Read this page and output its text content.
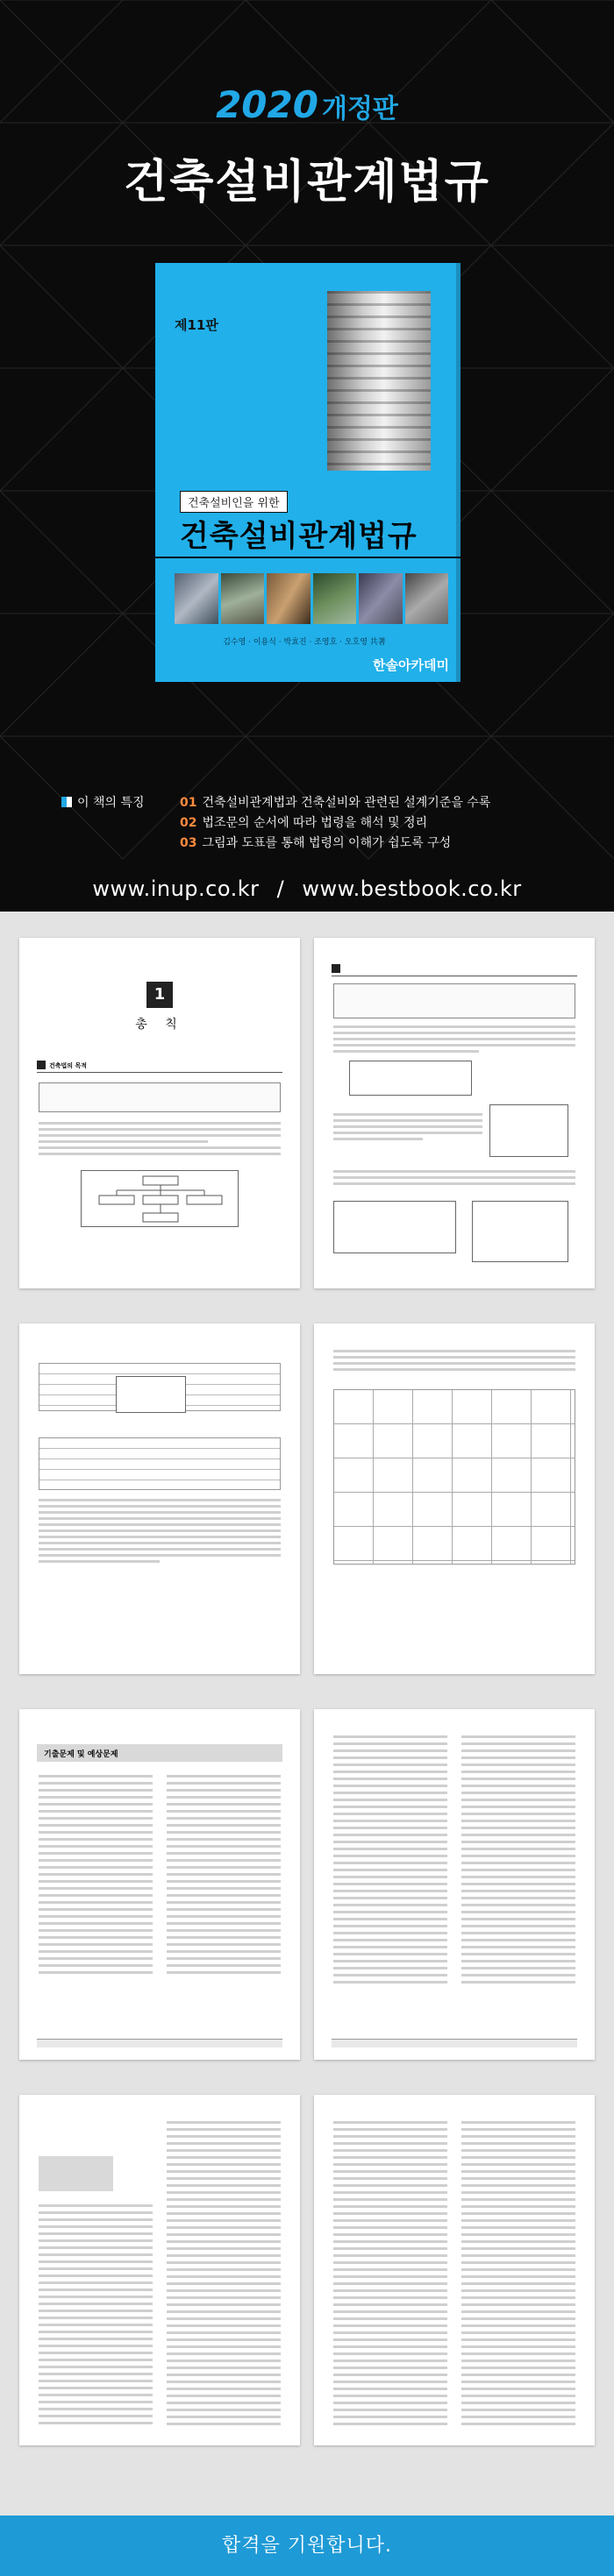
2020 개정판
건축설비관계법규
제11판
건축설비인을 위한
건축설비관계법규
김수영 · 이용식 · 박효진 · 조영호 · 오호영 共著
한솔아카데미
이 책의 특징	01 건축설비관계법과 건축설비와 관련된 설계기준을 수록
02 법조문의 순서에 따라 법령을 해석 및 정리
03 그림과 도표를 통해 법령의 이해가 쉽도록 구성
www.inup.co.kr / www.bestbook.co.kr
1
총 칙
건축법의 목적
기출문제 및 예상문제
합격을 기원합니다.
